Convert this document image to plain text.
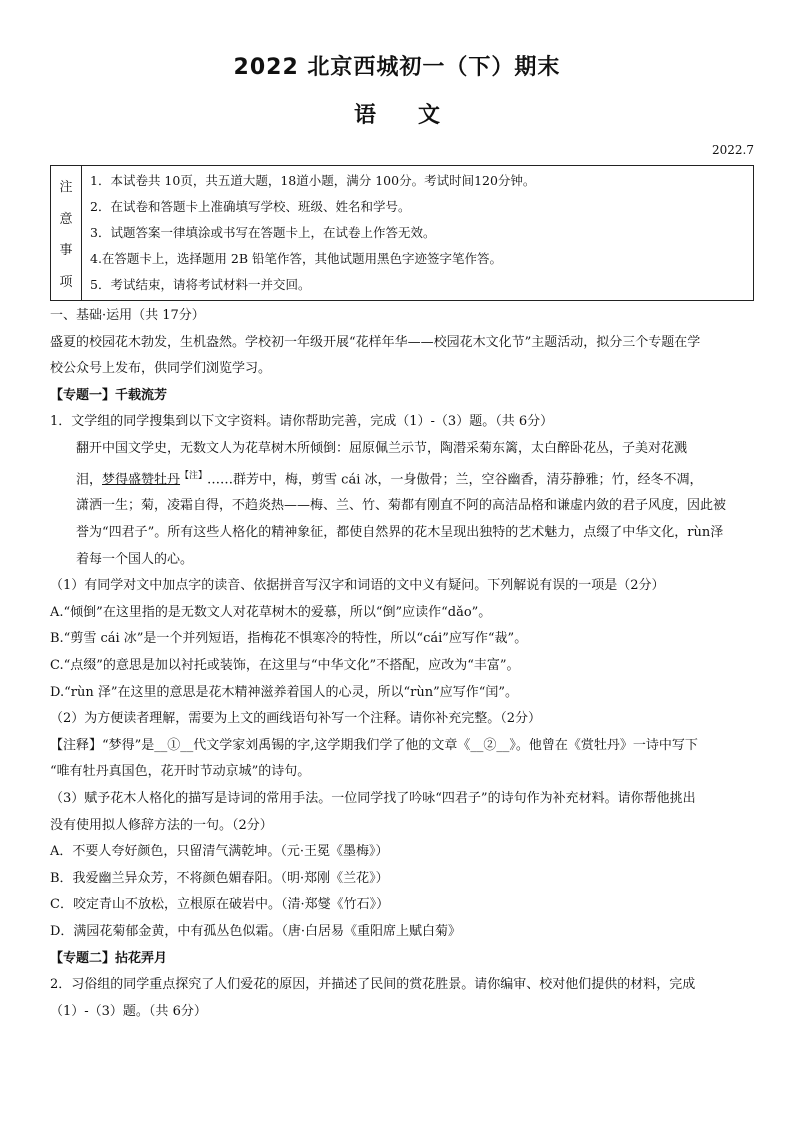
2022 北京西城初一（下）期末
语文
2022.7
注
意
事
项
1．本试卷共 10页，共五道大题，18道小题，满分 100分。考试时间120分钟。
2．在试卷和答题卡上准确填写学校、班级、姓名和学号。
3．试题答案一律填涂或书写在答题卡上，在试卷上作答无效。
4.在答题卡上，选择题用 2B 铅笔作答，其他试题用黑色字迹签字笔作答。
5．考试结束，请将考试材料一并交回。

一、基础·运用（共 17分）

盛夏的校园花木勃发，生机盎然。学校初一年级开展“花样年华——校园花木文化节”主题活动，拟分三个专题在学

校公众号上发布，供同学们浏览学习。

【专题一】千载流芳

1．文学组的同学搜集到以下文字资料。请你帮助完善，完成（1）-（3）题。（共 6分）

翻开中国文学史，无数文人为花草树木所倾倒：屈原佩兰示节，陶潜采菊东篱，太白醉卧花丛，子美对花溅

泪，梦得盛赞牡丹$^{【注】}$……群芳中，梅，剪雪 cái 冰，一身傲骨；兰，空谷幽香，清芬静雅；竹，经冬不凋，

潇洒一生；菊，凌霜自得，不趋炎热——梅、兰、竹、菊都有刚直不阿的高洁品格和谦虚内敛的君子风度，因此被

誉为“四君子”。所有这些人格化的精神象征，都使自然界的花木呈现出独特的艺术魅力，点缀了中华文化，rùn泽

着每一个国人的心。

（1）有同学对文中加点字的读音、依据拼音写汉字和词语的文中义有疑问。下列解说有误的一项是（2分）

A.“倾倒”在这里指的是无数文人对花草树木的爱慕，所以“倒”应读作“dǎo”。

B.“剪雪 cái 冰”是一个并列短语，指梅花不惧寒冷的特性，所以“cái”应写作“裁”。

C.“点缀”的意思是加以衬托或装饰，在这里与“中华文化”不搭配，应改为“丰富”。

D.“rùn 泽”在这里的意思是花木精神滋养着国人的心灵，所以“rùn”应写作“闰”。

（2）为方便读者理解，需要为上文的画线语句补写一个注释。请你补充完整。（2分）

【注释】“梦得”是__①__代文学家刘禹锡的字,这学期我们学了他的文章《__②__》。他曾在《赏牡丹》一诗中写下

“唯有牡丹真国色，花开时节动京城”的诗句。

（3）赋予花木人格化的描写是诗词的常用手法。一位同学找了吟咏“四君子”的诗句作为补充材料。请你帮他挑出

没有使用拟人修辞方法的一句。（2分）

A．不要人夸好颜色，只留清气满乾坤。（元·王冕《墨梅》）

B．我爱幽兰异众芳，不将颜色媚春阳。（明·郑刚《兰花》）

C．咬定青山不放松，立根原在破岩中。（清·郑燮《竹石》）

D．满园花菊郁金黄，中有孤丛色似霜。（唐·白居易《重阳席上赋白菊》

【专题二】拈花弄月

2．习俗组的同学重点探究了人们爱花的原因，并描述了民间的赏花胜景。请你编审、校对他们提供的材料，完成

（1）-（3）题。（共 6分）
